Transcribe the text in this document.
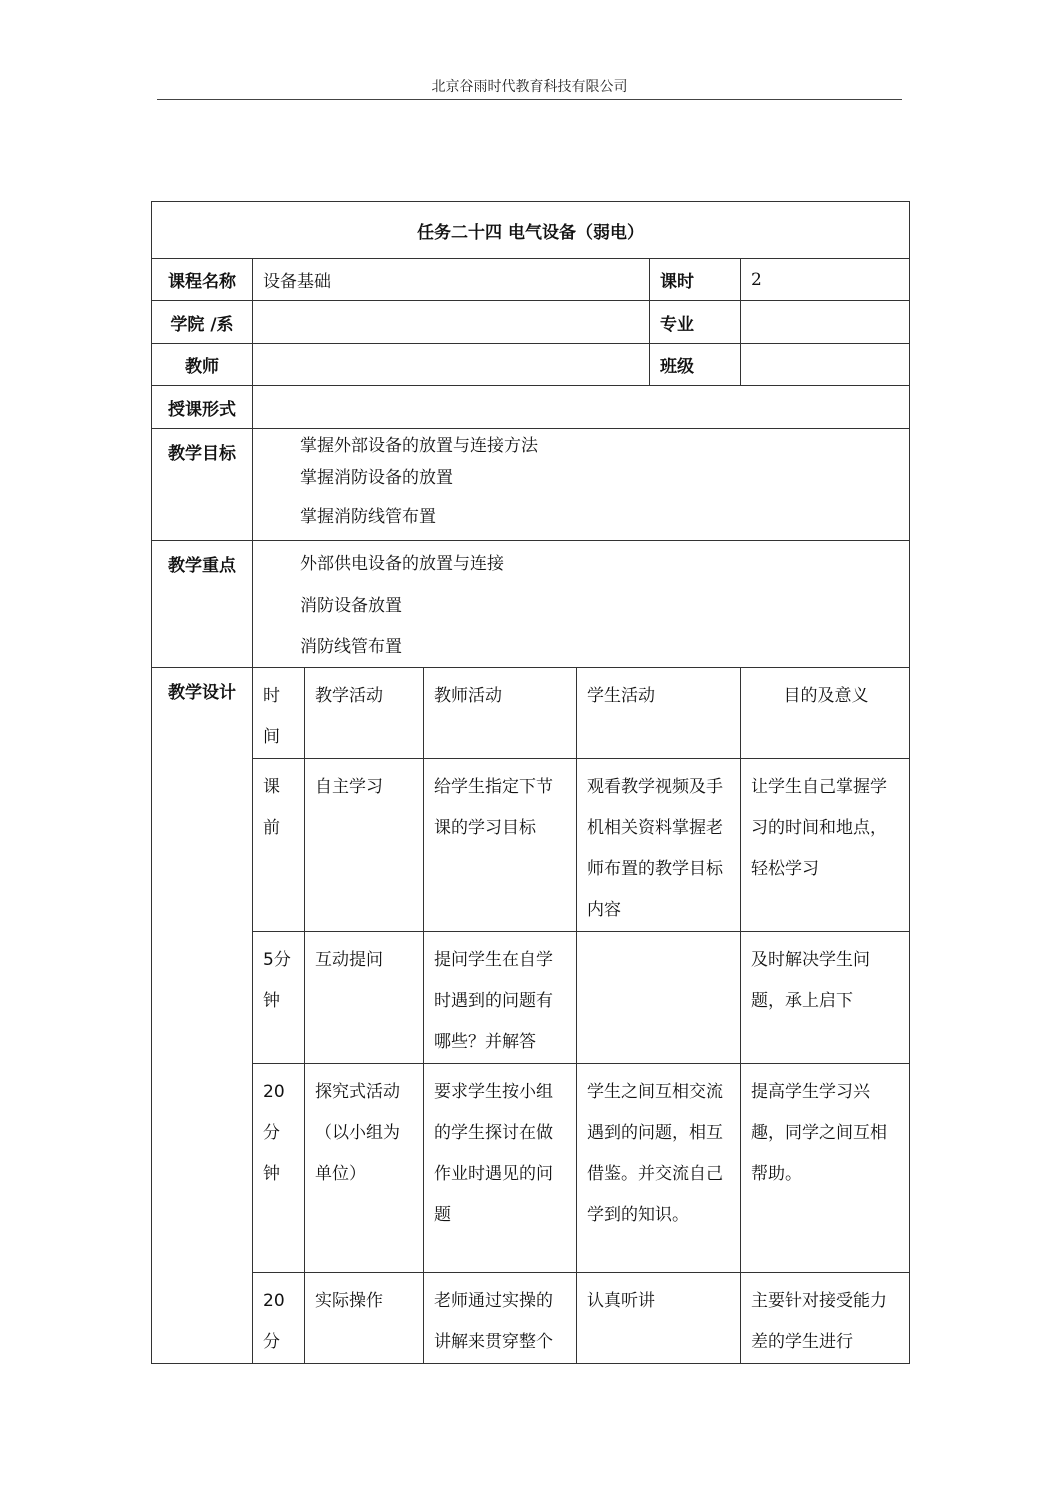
北京谷雨时代教育科技有限公司
任务二十四 电气设备（弱电）						
课程名称	设备基础				课时	2
学院 /系					专业	
教师					班级	
授课形式						

教学目标	掌握外部设备的放置与连接方法
掌握消防设备的放置
掌握消防线管布置					

教学重点	外部供电设备的放置与连接
消防设备放置
消防线管布置					

教学设计	时间	教学活动	教师活动	学生活动		目的及意义
	课前	自主学习	给学生指定下节课的学习目标	观看教学视频及手机相关资料掌握老师布置的教学目标内容		让学生自己掌握学习的时间和地点，轻松学习
	5分钟	互动提问	提问学生在自学时遇到的问题有哪些？并解答			及时解决学生问题，承上启下
	20分钟	探究式活动（以小组为单位）	要求学生按小组的学生探讨在做作业时遇见的问题	学生之间互相交流遇到的问题，相互借鉴。并交流自己学到的知识。		提高学生学习兴趣，同学之间互相帮助。
	20分	实际操作	老师通过实操的讲解来贯穿整个	认真听讲		主要针对接受能力差的学生进行
